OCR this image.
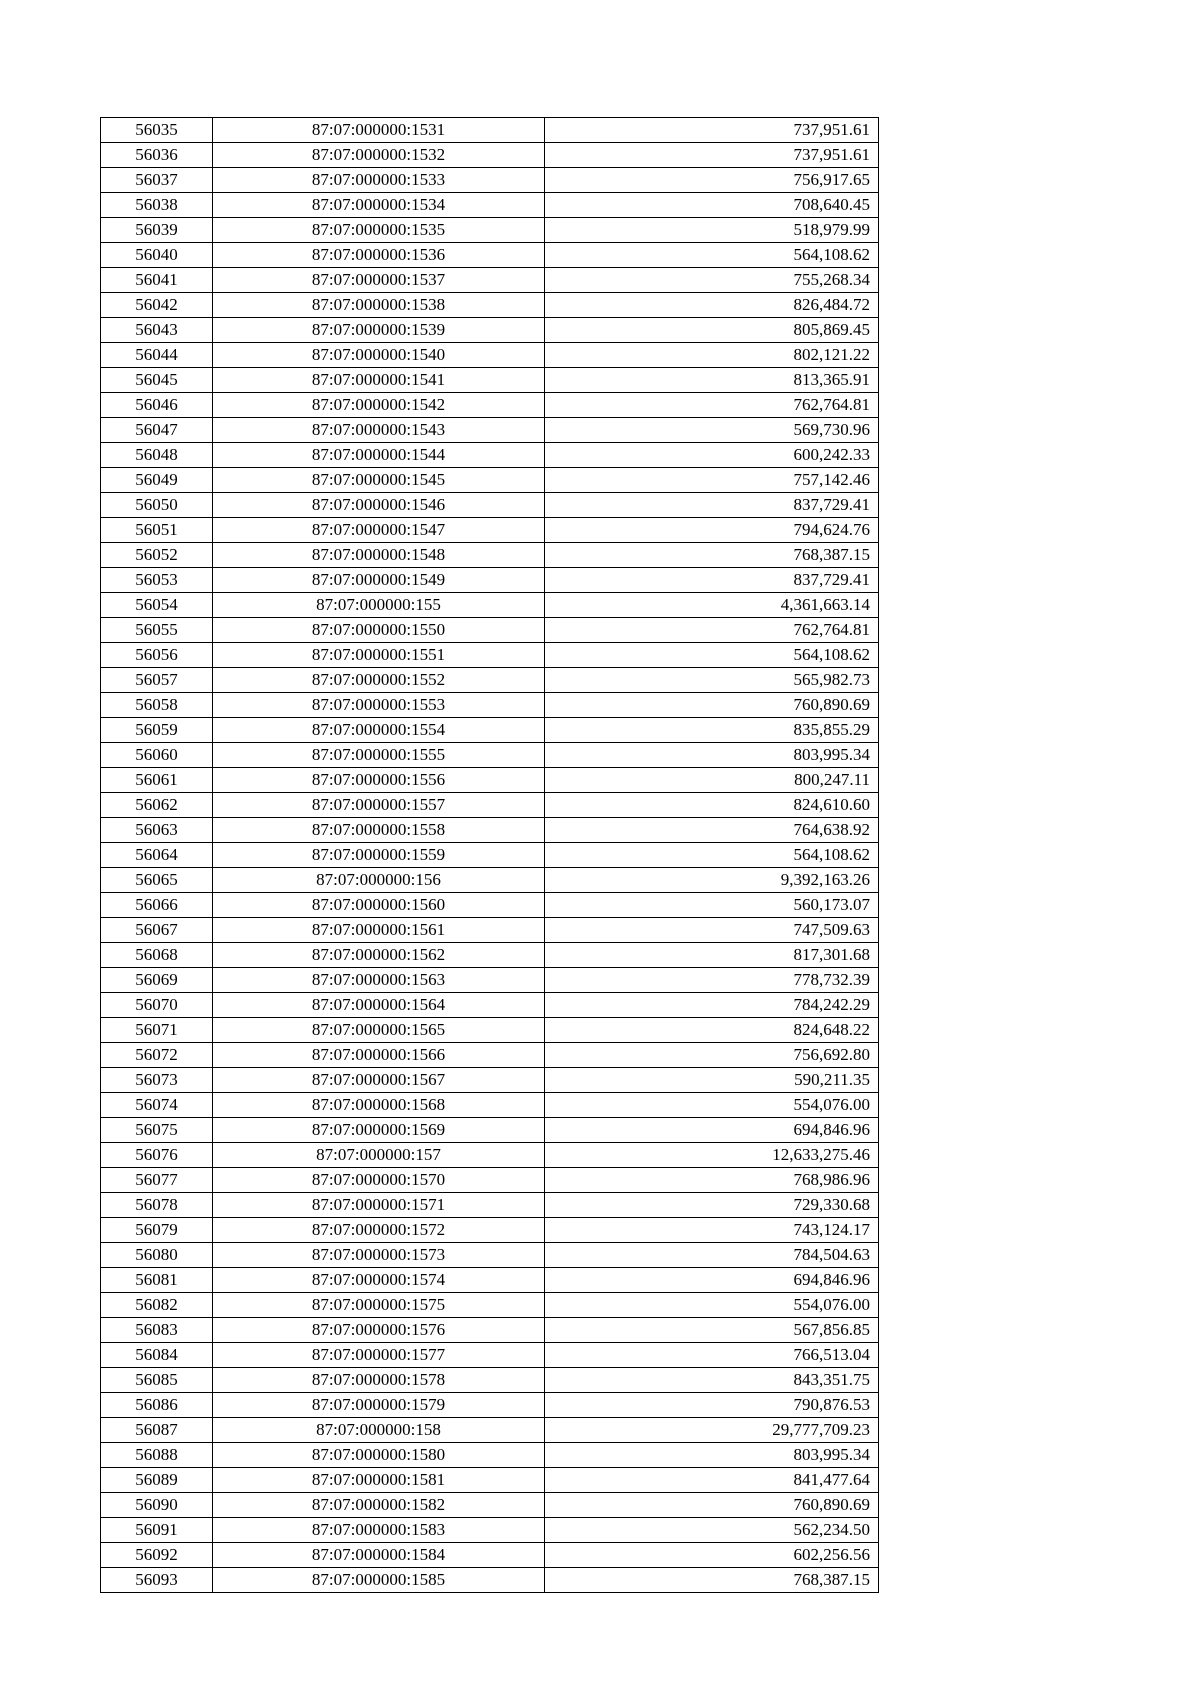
56035	87:07:000000:1531	737,951.61
56036	87:07:000000:1532	737,951.61
56037	87:07:000000:1533	756,917.65
56038	87:07:000000:1534	708,640.45
56039	87:07:000000:1535	518,979.99
56040	87:07:000000:1536	564,108.62
56041	87:07:000000:1537	755,268.34
56042	87:07:000000:1538	826,484.72
56043	87:07:000000:1539	805,869.45
56044	87:07:000000:1540	802,121.22
56045	87:07:000000:1541	813,365.91
56046	87:07:000000:1542	762,764.81
56047	87:07:000000:1543	569,730.96
56048	87:07:000000:1544	600,242.33
56049	87:07:000000:1545	757,142.46
56050	87:07:000000:1546	837,729.41
56051	87:07:000000:1547	794,624.76
56052	87:07:000000:1548	768,387.15
56053	87:07:000000:1549	837,729.41
56054	87:07:000000:155	4,361,663.14
56055	87:07:000000:1550	762,764.81
56056	87:07:000000:1551	564,108.62
56057	87:07:000000:1552	565,982.73
56058	87:07:000000:1553	760,890.69
56059	87:07:000000:1554	835,855.29
56060	87:07:000000:1555	803,995.34
56061	87:07:000000:1556	800,247.11
56062	87:07:000000:1557	824,610.60
56063	87:07:000000:1558	764,638.92
56064	87:07:000000:1559	564,108.62
56065	87:07:000000:156	9,392,163.26
56066	87:07:000000:1560	560,173.07
56067	87:07:000000:1561	747,509.63
56068	87:07:000000:1562	817,301.68
56069	87:07:000000:1563	778,732.39
56070	87:07:000000:1564	784,242.29
56071	87:07:000000:1565	824,648.22
56072	87:07:000000:1566	756,692.80
56073	87:07:000000:1567	590,211.35
56074	87:07:000000:1568	554,076.00
56075	87:07:000000:1569	694,846.96
56076	87:07:000000:157	12,633,275.46
56077	87:07:000000:1570	768,986.96
56078	87:07:000000:1571	729,330.68
56079	87:07:000000:1572	743,124.17
56080	87:07:000000:1573	784,504.63
56081	87:07:000000:1574	694,846.96
56082	87:07:000000:1575	554,076.00
56083	87:07:000000:1576	567,856.85
56084	87:07:000000:1577	766,513.04
56085	87:07:000000:1578	843,351.75
56086	87:07:000000:1579	790,876.53
56087	87:07:000000:158	29,777,709.23
56088	87:07:000000:1580	803,995.34
56089	87:07:000000:1581	841,477.64
56090	87:07:000000:1582	760,890.69
56091	87:07:000000:1583	562,234.50
56092	87:07:000000:1584	602,256.56
56093	87:07:000000:1585	768,387.15
